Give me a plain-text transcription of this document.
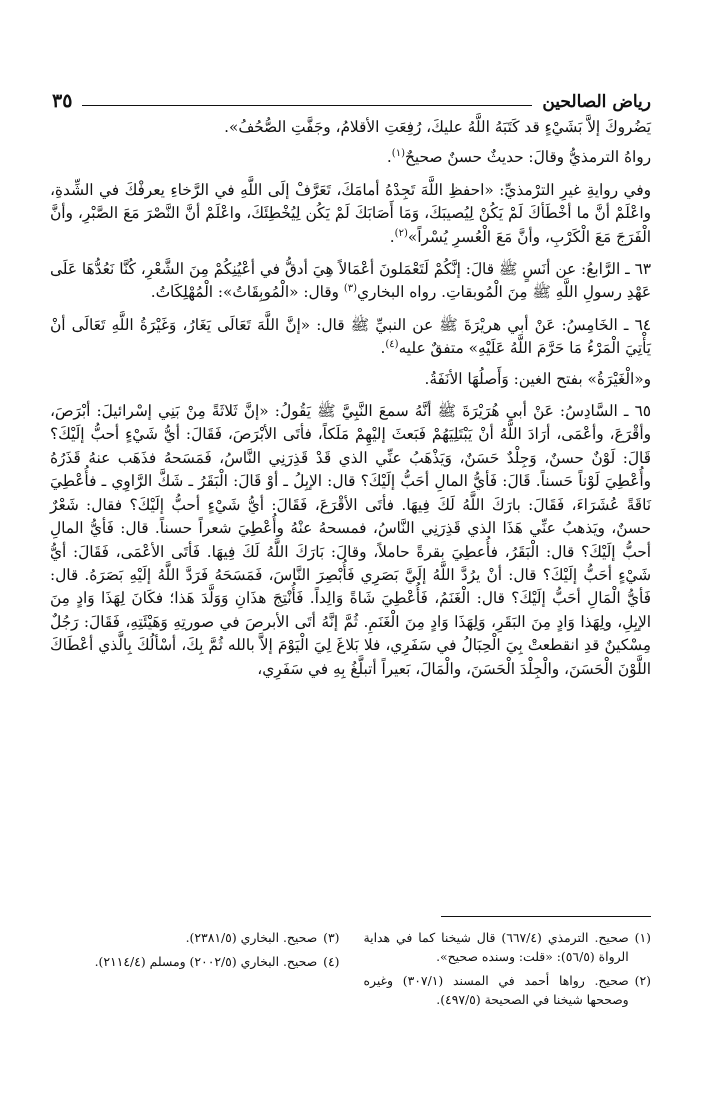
رياض الصالحين
٣٥

يَضُروكَ إلاَّ بَشَيْءٍ قد كَتَبَهُ اللَّهُ عليكَ، رُفِعَتِ الأقلامُ، وجَفَّتِ الصُّحُفُ».

رواهُ الترمذيُّ وقالَ: حديثٌ حسنٌ صحيحٌ$^{(١)}$.

وفي روايةِ غيرِ الترْمذيِّ: «احفظِ اللَّهَ تَجِدْهُ أمامَكَ، تَعَرَّفْ إلَى اللَّهِ في الرَّخاءِ يعرفْكَ في الشِّدةِ، واعْلَمْ أنَّ ما أخْطَأكَ لَمْ يَكُنْ لِيُصيبَكَ، وَمَا أَصَابَكَ لَمْ يَكُن لِيُخْطِئَكَ، واعْلَمْ أنَّ النَّصْرَ مَعَ الصَّبْرِ، وأنَّ الْفَرَجَ مَعَ الْكَرْبِ، وأنَّ مَعَ الْعُسرِ يُسْراً»$^{(٢)}$.

٦٣ ـ الرَّابعُ: عن أنَسٍ ﷺ قالَ: إنَّكُمْ لَتَعْمَلونَ أعْمَالاً هِيَ أدقُّ في أعْيُنِكُمْ مِنَ الشَّعْرِ، كُنَّا نَعُدُّهَا عَلَى عَهْدِ رسولِ اللَّهِ ﷺ مِنَ الْمُوبقاتِ. رواه البخاري$^{(٣)}$ وقال: «الْمُوبِقَاتُ»: الْمُهْلِكَاتُ.

٦٤ ـ الخَامِسُ: عَنْ أبي هريْرَةَ ﷺ عن النبيِّ ﷺ قال: «إنَّ اللَّهَ تَعَالَى يَغَارُ، وَغَيْرَةُ اللَّهِ تَعَالَى أنْ يَأْتِيَ الْمَرْءُ مَا حَرَّمَ اللَّهُ عَلَيْهِ» متفقٌ عليه$^{(٤)}$.

و«الْغَيْرَةُ» بفتح الغين: وَأَصلُهَا الأنَفَةُ.

٦٥ ـ السَّادِسُ: عَنْ أبي هُرَيْرَةَ ﷺ أنَّهُ سمعَ النَّبِيَّ ﷺ يَقُولُ: «إنَّ ثَلاثَةً مِنْ بَنِي إسْرائيلَ: أبْرَصَ، وأقْرَعَ، وأعْمَى، أرَادَ اللَّهُ أنْ يَبْتَلِيَهُمْ فَبَعثَ إليْهِمْ مَلَكاً، فأتَى الأبْرَصَ، فَقَالَ: أيُّ شَيْءٍ أحبُّ إلَيْكَ؟ قَالَ: لَوْنٌ حسنٌ، وَجِلْدٌ حَسَنٌ، وَيَذْهَبُ عنِّي الذي قَدْ قَذِرَنِي النَّاسُ، فَمَسَحهُ فذَهَب عنهُ قَذَرُهُ وأُعْطِيَ لَوْناً حَسناً. قَالَ: فَأيُّ المالِ أحَبُّ إلَيْكَ؟ قال: الإبِلُ ـ أوْ قَالَ: الْبَقَرُ ـ شَكَّ الرَّاوِي ـ فأُعْطِيَ نَاقَةً عُشَرَاءَ، فَقَالَ: بارَكَ اللَّهُ لَكَ فِيهَا. فأتَى الأقْرَعَ، فَقَالَ: أيُّ شَيْءٍ أحبُّ إلَيْكَ؟ فقال: شَعْرٌ حسنٌ، ويَذهبُ عنِّي هَذَا الذي قَذِرَنِي النَّاسُ، فمسحهُ عنْهُ وأُعْطِيَ شعراً حسناً. قال: فَأيُّ المالِ أحبُّ إلَيْكَ؟ قال: الْبَقَرُ، فأُعطِيَ بقرةً حاملاً، وقالَ: بَارَكَ اللَّهُ لَكَ فِيهَا. فَأتَى الأعْمَى، فَقَالَ: أيُّ شَيْءٍ أحَبُّ إلَيْكَ؟ قال: أنْ يرُدَّ اللَّهُ إلَيَّ بَصَرِي فَأُبْصِرَ النَّاسَ، فَمَسَحَهُ فَرَدَّ اللَّهُ إلَيْهِ بَصَرَهُ. قال: فَأيُّ الْمَالِ أحَبُّ إلَيْكَ؟ قال: الْغَنَمُ، فَأُعْطِيَ شَاةً وَالِداً. فَأُنْتِجَ هذَانِ وَوَلَّدَ هَذا؛ فكَانَ لِهَذَا وَادٍ مِنَ الإبِلِ، ولِهَذا وَادٍ مِنَ البَقَرِ، وَلِهَذَا وَادٍ مِنَ الْغَنَمِ. ثُمَّ إنَّهُ أتَى الأبرصَ في صورتِهِ وَهَيْئَتِهِ، فَقَالَ: رَجُلٌ مِسْكينٌ قدِ انقطعتْ بِيَ الْحِبَالُ في سَفَرِي، فلا بَلاغَ لِيَ الْيَوْمَ إلاَّ بالله ثُمَّ بِكَ، أسْألُكَ بِالَّذي أعْطَاكَ اللَّوْنَ الْحَسَنَ، والْجِلْدَ الْحَسَنَ، والْمَالَ، بَعيراً أتبلَّغُ بِهِ في سَفَرِي،

(١)
صحيح. الترمذي (٦٦٧/٤) قال شيخنا كما في هداية الرواة (٥٦/٥): «قلت: وسنده صحيح».
(٢)
صحيح. رواها أحمد في المسند (٣٠٧/١) وغيره وصححها شيخنا في الصحيحة (٤٩٧/٥).
(٣)
صحيح. البخاري (٢٣٨١/٥).
(٤)
صحيح. البخاري (٢٠٠٢/٥) ومسلم (٢١١٤/٤).
